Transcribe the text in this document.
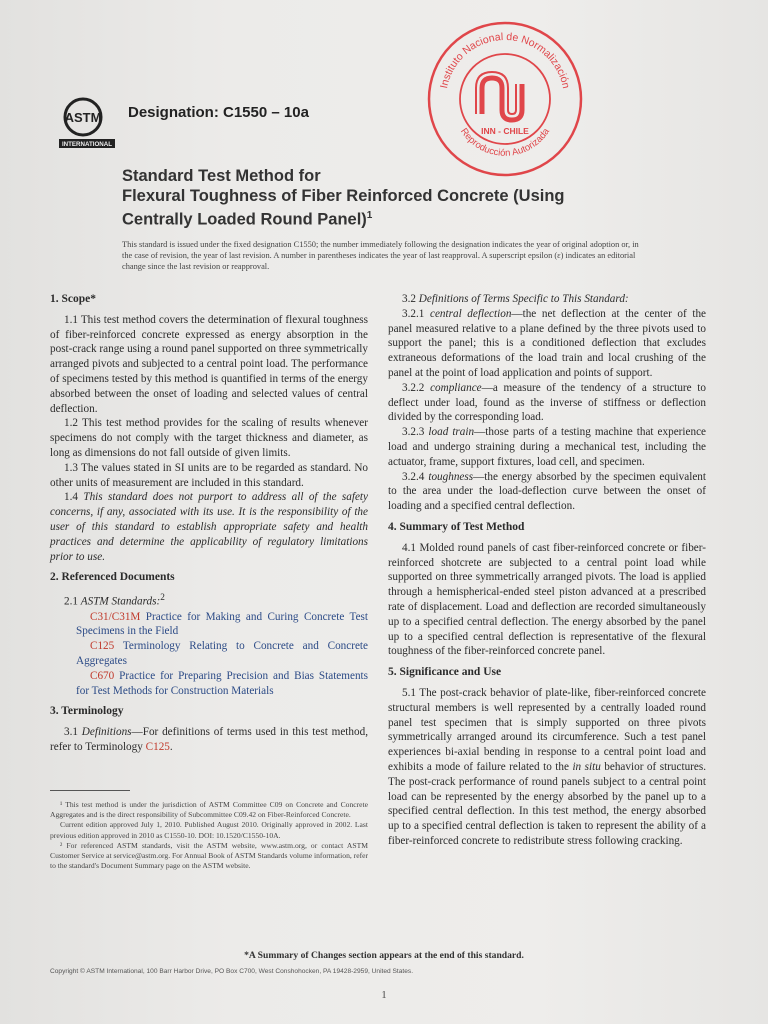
ASTM
INTERNATIONAL
Designation: C1550 – 10a
Instituto Nacional de Normalización
Reproducción Autorizada
INN - CHILE
Standard Test Method for
Flexural Toughness of Fiber Reinforced Concrete (Using
Centrally Loaded Round Panel)$^1$
This standard is issued under the fixed designation C1550; the number immediately following the designation indicates the year of original adoption or, in the case of revision, the year of last revision. A number in parentheses indicates the year of last reapproval. A superscript epsilon (ε) indicates an editorial change since the last revision or reapproval.
1. Scope*

1.1 This test method covers the determination of flexural toughness of fiber-reinforced concrete expressed as energy absorption in the post-crack range using a round panel supported on three symmetrically arranged pivots and subjected to a central point load. The performance of specimens tested by this method is quantified in terms of the energy absorbed between the onset of loading and selected values of central deflection.

1.2 This test method provides for the scaling of results whenever specimens do not comply with the target thickness and diameter, as long as dimensions do not fall outside of given limits.

1.3 The values stated in SI units are to be regarded as standard. No other units of measurement are included in this standard.

1.4 This standard does not purport to address all of the safety concerns, if any, associated with its use. It is the responsibility of the user of this standard to establish appropriate safety and health practices and determine the applicability of regulatory limitations prior to use.

2. Referenced Documents

2.1 ASTM Standards:$^2$

C31/C31M Practice for Making and Curing Concrete Test Specimens in the Field

C125 Terminology Relating to Concrete and Concrete Aggregates

C670 Practice for Preparing Precision and Bias Statements for Test Methods for Construction Materials

3. Terminology

3.1 Definitions—For definitions of terms used in this test method, refer to Terminology C125.

¹ This test method is under the jurisdiction of ASTM Committee C09 on Concrete and Concrete Aggregates and is the direct responsibility of Subcommittee C09.42 on Fiber-Reinforced Concrete.

Current edition approved July 1, 2010. Published August 2010. Originally approved in 2002. Last previous edition approved in 2010 as C1550-10. DOI: 10.1520/C1550-10A.

² For referenced ASTM standards, visit the ASTM website, www.astm.org, or contact ASTM Customer Service at service@astm.org. For Annual Book of ASTM Standards volume information, refer to the standard's Document Summary page on the ASTM website.

3.2 Definitions of Terms Specific to This Standard:

3.2.1 central deflection—the net deflection at the center of the panel measured relative to a plane defined by the three pivots used to support the panel; this is a conditioned deflection that excludes extraneous deformations of the load train and local crushing of the panel at the point of load application and points of support.

3.2.2 compliance—a measure of the tendency of a structure to deflect under load, found as the inverse of stiffness or deflection divided by the corresponding load.

3.2.3 load train—those parts of a testing machine that experience load and undergo straining during a mechanical test, including the actuator, frame, support fixtures, load cell, and specimen.

3.2.4 toughness—the energy absorbed by the specimen equivalent to the area under the load-deflection curve between the onset of loading and a specified central deflection.

4. Summary of Test Method

4.1 Molded round panels of cast fiber-reinforced concrete or fiber-reinforced shotcrete are subjected to a central point load while supported on three symmetrically arranged pivots. The load is applied through a hemispherical-ended steel piston advanced at a prescribed rate of displacement. Load and deflection are recorded simultaneously up to a specified central deflection. The energy absorbed by the panel up to a specified central deflection is representative of the flexural toughness of the fiber-reinforced concrete panel.

5. Significance and Use

5.1 The post-crack behavior of plate-like, fiber-reinforced concrete structural members is well represented by a centrally loaded round panel test specimen that is simply supported on three pivots symmetrically arranged around its circumference. Such a test panel experiences bi-axial bending in response to a central point load and exhibits a mode of failure related to the in situ behavior of structures. The post-crack performance of round panels subject to a central point load can be represented by the energy absorbed by the panel up to a specified central deflection. In this test method, the energy absorbed up to a specified central deflection is taken to represent the ability of a fiber-reinforced concrete to redistribute stress following cracking.

*A Summary of Changes section appears at the end of this standard.
Copyright © ASTM International, 100 Barr Harbor Drive, PO Box C700, West Conshohocken, PA 19428-2959, United States.
1
